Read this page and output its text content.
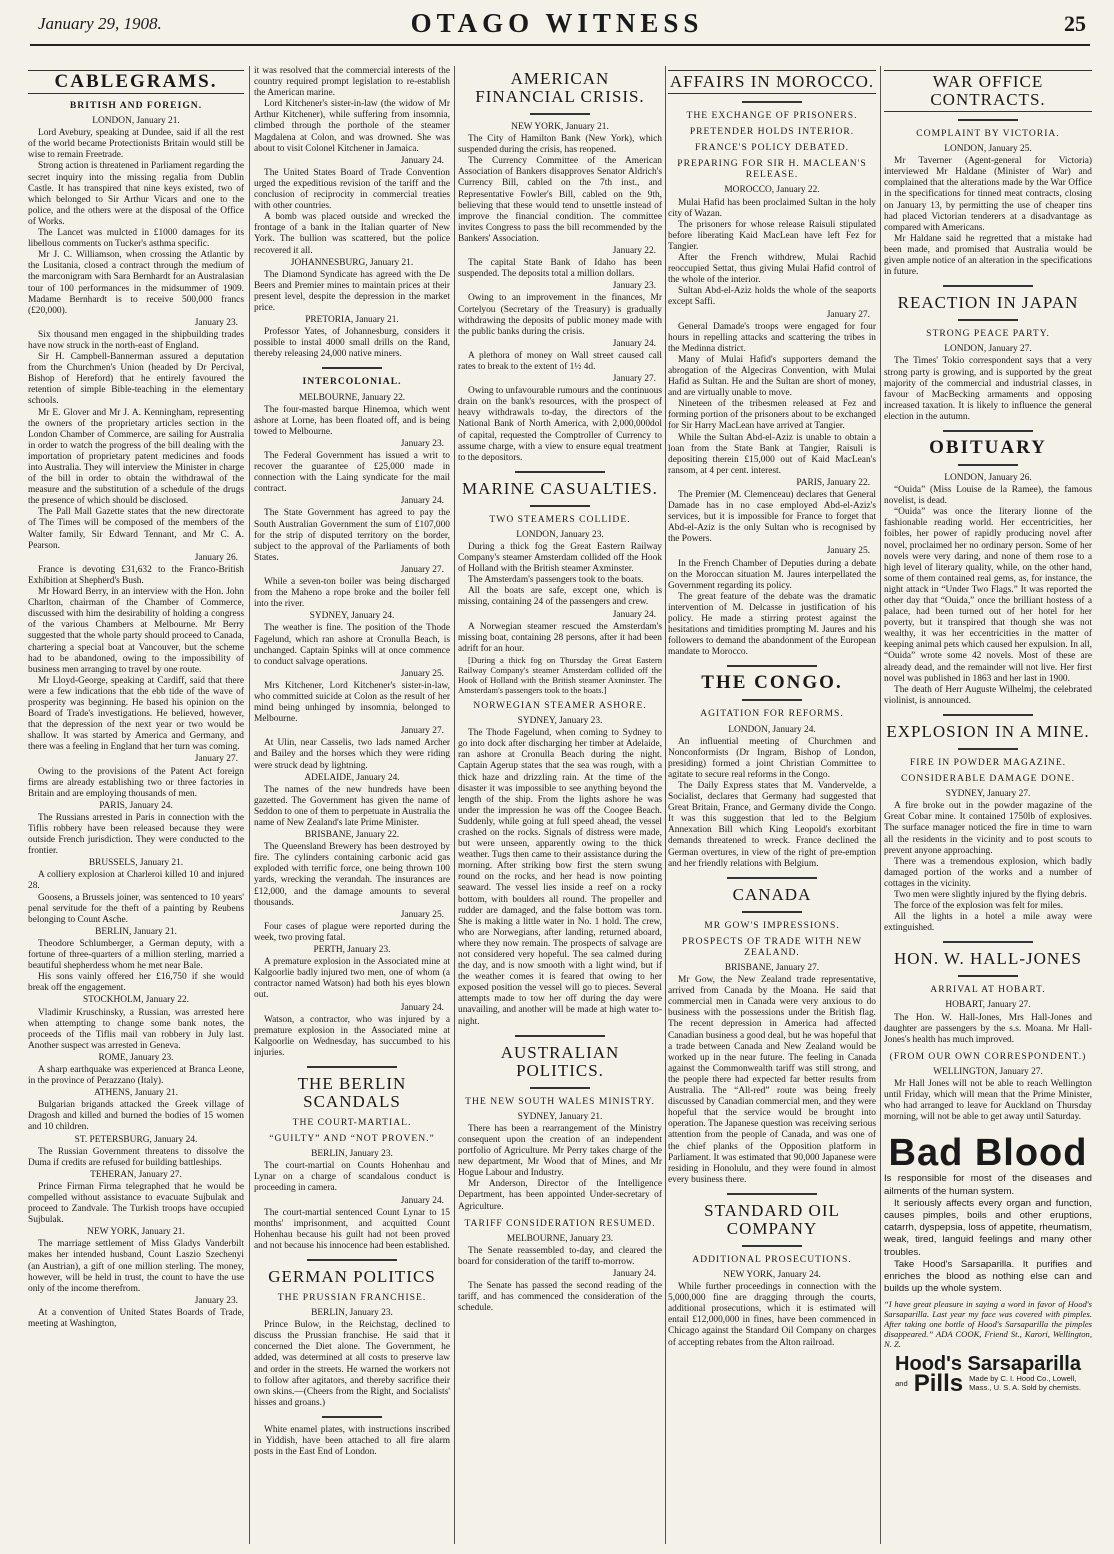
January 29, 1908.	OTAGO WITNESS	25
CABLEGRAMS.
BRITISH AND FOREIGN.
LONDON, January 21.

Lord Avebury, speaking at Dundee, said if all the rest of the world became Protectionists Britain would still be wise to remain Freetrade.

Strong action is threatened in Parliament regarding the secret inquiry into the missing regalia from Dublin Castle. It has transpired that nine keys existed, two of which belonged to Sir Arthur Vicars and one to the police, and the others were at the disposal of the Office of Works.

The Lancet was mulcted in £1000 damages for its libellous comments on Tucker's asthma specific.

Mr J. C. Williamson, when crossing the Atlantic by the Lusitania, closed a contract through the medium of the marconigram with Sara Bernhardt for an Australasian tour of 100 performances in the midsummer of 1909. Madame Bernhardt is to receive 500,000 francs (£20,000).

January 23.

Six thousand men engaged in the shipbuilding trades have now struck in the north-east of England.

Sir H. Campbell-Bannerman assured a deputation from the Churchmen's Union (headed by Dr Percival, Bishop of Hereford) that he entirely favoured the retention of simple Bible-teaching in the elementary schools.

Mr E. Glover and Mr J. A. Kenningham, representing the owners of the proprietary articles section in the London Chamber of Commerce, are sailing for Australia in order to watch the progress of the bill dealing with the importation of proprietary patent medicines and foods into Australia. They will interview the Minister in charge of the bill in order to obtain the withdrawal of the measure and the substitution of a schedule of the drugs the presence of which should be disclosed.

The Pall Mall Gazette states that the new directorate of The Times will be composed of the members of the Walter family, Sir Edward Tennant, and Mr C. A. Pearson.

January 26.

France is devoting £31,632 to the Franco-British Exhibition at Shepherd's Bush.

Mr Howard Berry, in an interview with the Hon. John Charlton, chairman of the Chamber of Commerce, discussed with him the desirability of holding a congress of the various Chambers at Melbourne. Mr Berry suggested that the whole party should proceed to Canada, chartering a special boat at Vancouver, but the scheme had to be abandoned, owing to the impossibility of business men arranging to travel by one route.

Mr Lloyd-George, speaking at Cardiff, said that there were a few indications that the ebb tide of the wave of prosperity was beginning. He based his opinion on the Board of Trade's investigations. He believed, however, that the depression of the next year or two would be shallow. It was started by America and Germany, and there was a feeling in England that her turn was coming.

January 27.

Owing to the provisions of the Patent Act foreign firms are already establishing two or three factories in Britain and are employing thousands of men.

PARIS, January 24.

The Russians arrested in Paris in connection with the Tiflis robbery have been released because they were outside French jurisdiction. They were conducted to the frontier.

BRUSSELS, January 21.

A colliery explosion at Charleroi killed 10 and injured 28.

Goosens, a Brussels joiner, was sentenced to 10 years' penal servitude for the theft of a painting by Reubens belonging to Count Asche.

BERLIN, January 21.

Theodore Schlumberger, a German deputy, with a fortune of three-quarters of a million sterling, married a beautiful shepherdess whom he met near Bale.

His sons vainly offered her £16,750 if she would break off the engagement.

STOCKHOLM, January 22.

Vladimir Kruschinsky, a Russian, was arrested here when attempting to change some bank notes, the proceeds of the Tiflis mail van robbery in July last. Another suspect was arrested in Geneva.

ROME, January 23.

A sharp earthquake was experienced at Branca Leone, in the province of Perazzano (Italy).

ATHENS, January 21.

Bulgarian brigands attacked the Greek village of Dragosh and killed and burned the bodies of 15 women and 10 children.

ST. PETERSBURG, January 24.

The Russian Government threatens to dissolve the Duma if credits are refused for building battleships.

TEHERAN, January 27.

Prince Firman Firma telegraphed that he would be compelled without assistance to evacuate Sujbulak and proceed to Zandvale. The Turkish troops have occupied Sujbulak.

NEW YORK, January 21.

The marriage settlement of Miss Gladys Vanderbilt makes her intended husband, Count Laszio Szechenyi (an Austrian), a gift of one million sterling. The money, however, will be held in trust, the count to have the use only of the income therefrom.

January 23.

At a convention of United States Boards of Trade, meeting at Washington,

it was resolved that the commercial interests of the country required prompt legislation to re-establish the American marine.

Lord Kitchener's sister-in-law (the widow of Mr Arthur Kitchener), while suffering from insomnia, climbed through the porthole of the steamer Magdalena at Colon, and was drowned. She was about to visit Colonel Kitchener in Jamaica.

January 24.

The United States Board of Trade Convention urged the expeditious revision of the tariff and the conclusion of reciprocity in commercial treaties with other countries.

A bomb was placed outside and wrecked the frontage of a bank in the Italian quarter of New York. The bullion was scattered, but the police recovered it all.

JOHANNESBURG, January 21.

The Diamond Syndicate has agreed with the De Beers and Premier mines to maintain prices at their present level, despite the depression in the market price.

PRETORIA, January 21.

Professor Yates, of Johannesburg, considers it possible to instal 4000 small drills on the Rand, thereby releasing 24,000 native miners.

INTERCOLONIAL.
MELBOURNE, January 22.

The four-masted barque Hinemoa, which went ashore at Lorne, has been floated off, and is being towed to Melbourne.

January 23.

The Federal Government has issued a writ to recover the guarantee of £25,000 made in connection with the Laing syndicate for the mail contract.

January 24.

The State Government has agreed to pay the South Australian Government the sum of £107,000 for the strip of disputed territory on the border, subject to the approval of the Parliaments of both States.

January 27.

While a seven-ton boiler was being discharged from the Maheno a rope broke and the boiler fell into the river.

SYDNEY, January 24.

The weather is fine. The position of the Thode Fagelund, which ran ashore at Cronulla Beach, is unchanged. Captain Spinks will at once commence to conduct salvage operations.

January 25.

Mrs Kitchener, Lord Kitchener's sister-in-law, who committed suicide at Colon as the result of her mind being unhinged by insomnia, belonged to Melbourne.

January 27.

At Ulin, near Casselis, two lads named Archer and Bailey and the horses which they were riding were struck dead by lightning.

ADELAIDE, January 24.

The names of the new hundreds have been gazetted. The Government has given the name of Seddon to one of them to perpetuate in Australia the name of New Zealand's late Prime Minister.

BRISBANE, January 22.

The Queensland Brewery has been destroyed by fire. The cylinders containing carbonic acid gas exploded with terrific force, one being thrown 100 yards, wrecking the verandah. The insurances are £12,000, and the damage amounts to several thousands.

January 25.

Four cases of plague were reported during the week, two proving fatal.

PERTH, January 23.

A premature explosion in the Associated mine at Kalgoorlie badly injured two men, one of whom (a contractor named Watson) had both his eyes blown out.

January 24.

Watson, a contractor, who was injured by a premature explosion in the Associated mine at Kalgoorlie on Wednesday, has succumbed to his injuries.

THE BERLIN SCANDALS
THE COURT-MARTIAL.
“GUILTY” AND “NOT PROVEN.”
BERLIN, January 23.

The court-martial on Counts Hohenhau and Lynar on a charge of scandalous conduct is proceeding in camera.

January 24.

The court-martial sentenced Count Lynar to 15 months' imprisonment, and acquitted Count Hohenhau because his guilt had not been proved and not because his innocence had been established.

GERMAN POLITICS
THE PRUSSIAN FRANCHISE.
BERLIN, January 23.

Prince Bulow, in the Reichstag, declined to discuss the Prussian franchise. He said that it concerned the Diet alone. The Government, he added, was determined at all costs to preserve law and order in the streets. He warned the workers not to follow after agitators, and thereby sacrifice their own skins.—(Cheers from the Right, and Socialists' hisses and groans.)

White enamel plates, with instructions inscribed in Yiddish, have been attached to all fire alarm posts in the East End of London.

AMERICAN FINANCIAL CRISIS.
NEW YORK, January 21.

The City of Hamilton Bank (New York), which suspended during the crisis, has reopened.

The Currency Committee of the American Association of Bankers disapproves Senator Aldrich's Currency Bill, cabled on the 7th inst., and Representative Fowler's Bill, cabled on the 9th, believing that these would tend to unsettle instead of improve the financial condition. The committee invites Congress to pass the bill recommended by the Bankers' Association.

January 22.

The capital State Bank of Idaho has been suspended. The deposits total a million dollars.

January 23.

Owing to an improvement in the finances, Mr Cortelyou (Secretary of the Treasury) is gradually withdrawing the deposits of public money made with the public banks during the crisis.

January 24.

A plethora of money on Wall street caused call rates to break to the extent of 1½ 4d.

January 27.

Owing to unfavourable rumours and the continuous drain on the bank's resources, with the prospect of heavy withdrawals to-day, the directors of the National Bank of North America, with 2,000,000dol of capital, requested the Comptroller of Currency to assume charge, with a view to ensure equal treatment to the depositors.

MARINE CASUALTIES.
TWO STEAMERS COLLIDE.
LONDON, January 23.

During a thick fog the Great Eastern Railway Company's steamer Amsterdam collided off the Hook of Holland with the British steamer Axminster.

The Amsterdam's passengers took to the boats.

All the boats are safe, except one, which is missing, containing 24 of the passengers and crew.

January 24.

A Norwegian steamer rescued the Amsterdam's missing boat, containing 28 persons, after it had been adrift for an hour.

[During a thick fog on Thursday the Great Eastern Railway Company's steamer Amsterdam collided off the Hook of Holland with the British steamer Axminster. The Amsterdam's passengers took to the boats.]

NORWEGIAN STEAMER ASHORE.
SYDNEY, January 23.

The Thode Fagelund, when coming to Sydney to go into dock after discharging her timber at Adelaide, ran ashore at Cronulla Beach during the night. Captain Agerup states that the sea was rough, with a thick haze and drizzling rain. At the time of the disaster it was impossible to see anything beyond the length of the ship. From the lights ashore he was under the impression he was off the Coogee Beach. Suddenly, while going at full speed ahead, the vessel crashed on the rocks. Signals of distress were made, but were unseen, apparently owing to the thick weather. Tugs then came to their assistance during the morning. After striking bow first the stern swung round on the rocks, and her head is now pointing seaward. The vessel lies inside a reef on a rocky bottom, with boulders all round. The propeller and rudder are damaged, and the false bottom was torn. She is making a little water in No. 1 hold. The crew, who are Norwegians, after landing, returned aboard, where they now remain. The prospects of salvage are not considered very hopeful. The sea calmed during the day, and is now smooth with a light wind, but if the weather comes it is feared that owing to her exposed position the vessel will go to pieces. Several attempts made to tow her off during the day were unavailing, and another will be made at high water to-night.

AUSTRALIAN POLITICS.
THE NEW SOUTH WALES MINISTRY.
SYDNEY, January 21.

There has been a rearrangement of the Ministry consequent upon the creation of an independent portfolio of Agriculture. Mr Perry takes charge of the new department, Mr Wood that of Mines, and Mr Hogue Labour and Industry.

Mr Anderson, Director of the Intelligence Department, has been appointed Under-secretary of Agriculture.

TARIFF CONSIDERATION RESUMED.
MELBOURNE, January 23.

The Senate reassembled to-day, and cleared the board for consideration of the tariff to-morrow.

January 24.

The Senate has passed the second reading of the tariff, and has commenced the consideration of the schedule.

AFFAIRS IN MOROCCO.
THE EXCHANGE OF PRISONERS.
PRETENDER HOLDS INTERIOR.
FRANCE'S POLICY DEBATED.
PREPARING FOR SIR H. MACLEAN'S RELEASE.
MOROCCO, January 22.

Mulai Hafid has been proclaimed Sultan in the holy city of Wazan.

The prisoners for whose release Raisuli stipulated before liberating Kaid MacLean have left Fez for Tangier.

After the French withdrew, Mulai Rachid reoccupied Settat, thus giving Mulai Hafid control of the whole of the interior.

Sultan Abd-el-Aziz holds the whole of the seaports except Saffi.

January 27.

General Damade's troops were engaged for four hours in repelling attacks and scattering the tribes in the Medinna district.

Many of Mulai Hafid's supporters demand the abrogation of the Algeciras Convention, with Mulai Hafid as Sultan. He and the Sultan are short of money, and are virtually unable to move.

Nineteen of the tribesmen released at Fez and forming portion of the prisoners about to be exchanged for Sir Harry MacLean have arrived at Tangier.

While the Sultan Abd-el-Aziz is unable to obtain a loan from the State Bank at Tangier, Raisuli is depositing therein £15,000 out of Kaid MacLean's ransom, at 4 per cent. interest.

PARIS, January 22.

The Premier (M. Clemenceau) declares that General Damade has in no case employed Abd-el-Aziz's services, but it is impossible for France to forget that Abd-el-Aziz is the only Sultan who is recognised by the Powers.

January 25.

In the French Chamber of Deputies during a debate on the Moroccan situation M. Jaures interpellated the Government regarding its policy.

The great feature of the debate was the dramatic intervention of M. Delcasse in justification of his policy. He made a stirring protest against the hesitations and timidities prompting M. Jaures and his followers to demand the abandonment of the European mandate to Morocco.

THE CONGO.
AGITATION FOR REFORMS.
LONDON, January 24.

An influential meeting of Churchmen and Nonconformists (Dr Ingram, Bishop of London, presiding) formed a joint Christian Committee to agitate to secure real reforms in the Congo.

The Daily Express states that M. Vandervelde, a Socialist, declares that Germany had suggested that Great Britain, France, and Germany divide the Congo. It was this suggestion that led to the Belgium Annexation Bill which King Leopold's exorbitant demands threatened to wreck. France declined the German overtures, in view of the right of pre-emption and her friendly relations with Belgium.

CANADA
MR GOW'S IMPRESSIONS.
PROSPECTS OF TRADE WITH NEW ZEALAND.
BRISBANE, January 27.

Mr Gow, the New Zealand trade representative, arrived from Canada by the Moana. He said that commercial men in Canada were very anxious to do business with the possessions under the British flag. The recent depression in America had affected Canadian business a good deal, but he was hopeful that a trade between Canada and New Zealand would be worked up in the near future. The feeling in Canada against the Commonwealth tariff was still strong, and the people there had expected far better results from Australia. The “All-red” route was being freely discussed by Canadian commercial men, and they were hopeful that the service would be brought into operation. The Japanese question was receiving serious attention from the people of Canada, and was one of the chief planks of the Opposition platform in Parliament. It was estimated that 90,000 Japanese were residing in Honolulu, and they were found in almost every business there.

STANDARD OIL COMPANY
ADDITIONAL PROSECUTIONS.
NEW YORK, January 24.

While further proceedings in connection with the 5,000,000 fine are dragging through the courts, additional prosecutions, which it is estimated will entail £12,000,000 in fines, have been commenced in Chicago against the Standard Oil Company on charges of accepting rebates from the Alton railroad.

WAR OFFICE CONTRACTS.
COMPLAINT BY VICTORIA.
LONDON, January 25.

Mr Taverner (Agent-general for Victoria) interviewed Mr Haldane (Minister of War) and complained that the alterations made by the War Office in the specifications for tinned meat contracts, closing on January 13, by permitting the use of cheaper tins had placed Victorian tenderers at a disadvantage as compared with Americans.

Mr Haldane said he regretted that a mistake had been made, and promised that Australia would be given ample notice of an alteration in the specifications in future.

REACTION IN JAPAN
STRONG PEACE PARTY.
LONDON, January 27.

The Times' Tokio correspondent says that a very strong party is growing, and is supported by the great majority of the commercial and industrial classes, in favour of MacBecking armaments and opposing increased taxation. It is likely to influence the general election in the autumn.

OBITUARY
LONDON, January 26.

“Ouida” (Miss Louise de la Ramee), the famous novelist, is dead.

“Ouida” was once the literary lionne of the fashionable reading world. Her eccentricities, her foibles, her power of rapidly producing novel after novel, proclaimed her no ordinary person. Some of her novels were very daring, and none of them rose to a high level of literary quality, while, on the other hand, some of them contained real gems, as, for instance, the night attack in “Under Two Flags.” It was reported the other day that “Ouida,” once the brilliant hostess of a palace, had been turned out of her hotel for her poverty, but it transpired that though she was not wealthy, it was her eccentricities in the matter of keeping animal pets which caused her expulsion. In all, “Ouida” wrote some 42 novels. Most of these are already dead, and the remainder will not live. Her first novel was published in 1863 and her last in 1900.

The death of Herr Auguste Wilhelmj, the celebrated violinist, is announced.

EXPLOSION IN A MINE.
FIRE IN POWDER MAGAZINE.
CONSIDERABLE DAMAGE DONE.
SYDNEY, January 27.

A fire broke out in the powder magazine of the Great Cobar mine. It contained 1750lb of explosives. The surface manager noticed the fire in time to warn all the residents in the vicinity and to post scouts to prevent anyone approaching.

There was a tremendous explosion, which badly damaged portion of the works and a number of cottages in the vicinity.

Two men were slightly injured by the flying debris.

The force of the explosion was felt for miles.

All the lights in a hotel a mile away were extinguished.

HON. W. HALL-JONES
ARRIVAL AT HOBART.
HOBART, January 27.

The Hon. W. Hall-Jones, Mrs Hall-Jones and daughter are passengers by the s.s. Moana. Mr Hall-Jones's health has much improved.

(FROM OUR OWN CORRESPONDENT.)
WELLINGTON, January 27.

Mr Hall Jones will not be able to reach Wellington until Friday, which will mean that the Prime Minister, who had arranged to leave for Auckland on Thursday morning, will not be able to get away until Saturday.

Bad Blood
Is responsible for most of the diseases and ailments of the human system.
It seriously affects every organ and function, causes pimples, boils and other eruptions, catarrh, dyspepsia, loss of appetite, rheumatism, weak, tired, languid feelings and many other troubles.
Take Hood's Sarsaparilla. It purifies and enriches the blood as nothing else can and builds up the whole system.
“I have great pleasure in saying a word in favor of Hood's Sarsaparilla. Last year my face was covered with pimples. After taking one bottle of Hood's Sarsaparilla the pimples disappeared.” ADA COOK, Friend St., Karori, Wellington, N. Z.
Hood's Sarsaparilla
and Pills Made by C. I. Hood Co., Lowell,
Mass., U. S. A. Sold by chemists.
